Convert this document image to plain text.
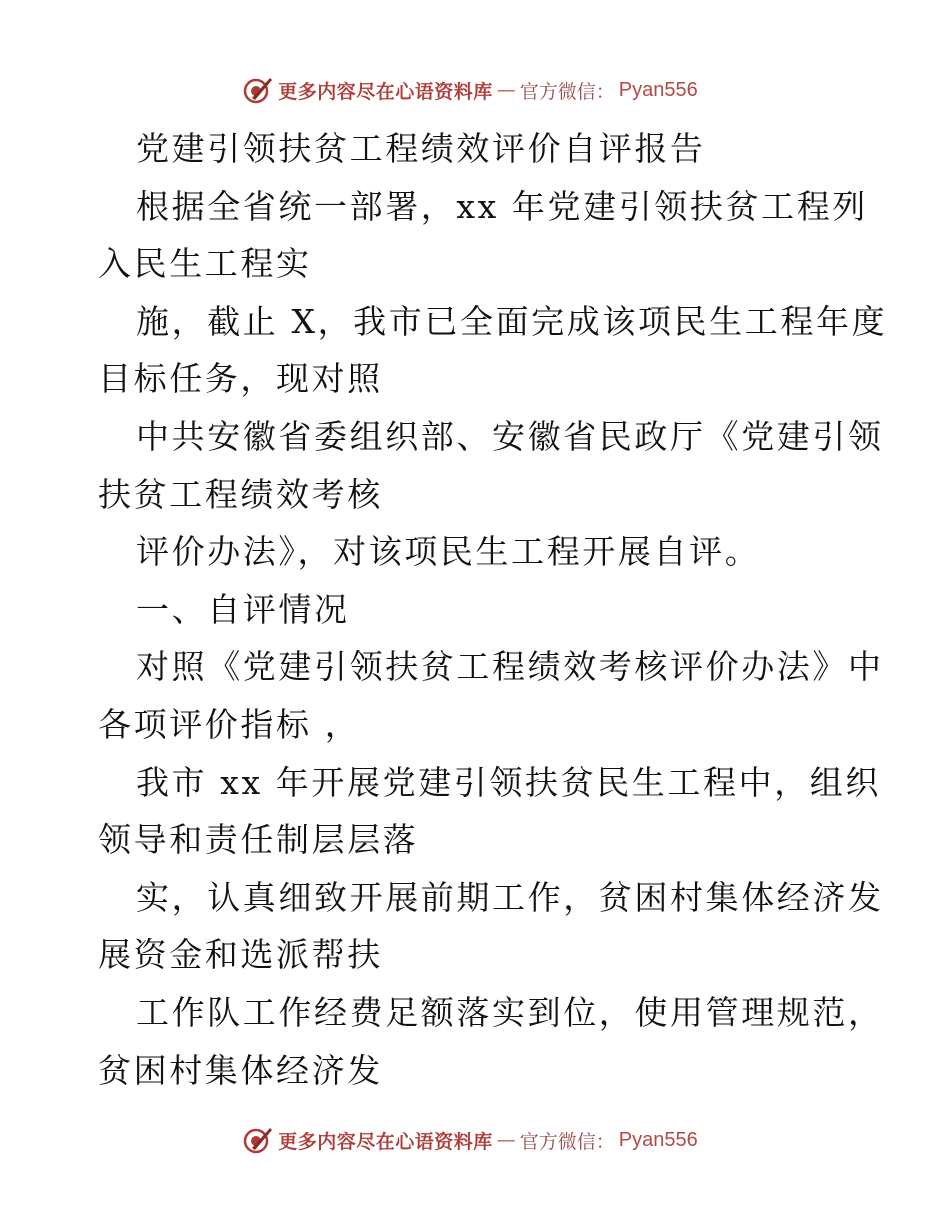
更多内容尽在心语资料库 — 官方微信： Pyan556
党建引领扶贫工程绩效评价自评报告
根据全省统一部署，xx 年党建引领扶贫工程列
入民生工程实
施，截止 X，我市已全面完成该项民生工程年度
目标任务，现对照
中共安徽省委组织部、安徽省民政厅《党建引领
扶贫工程绩效考核
评价办法》，对该项民生工程开展自评。
一、自评情况
对照《党建引领扶贫工程绩效考核评价办法》中
各项评价指标 ，
我市 xx 年开展党建引领扶贫民生工程中，组织
领导和责任制层层落
实，认真细致开展前期工作，贫困村集体经济发
展资金和选派帮扶
工作队工作经费足额落实到位，使用管理规范，
贫困村集体经济发
更多内容尽在心语资料库 — 官方微信： Pyan556
